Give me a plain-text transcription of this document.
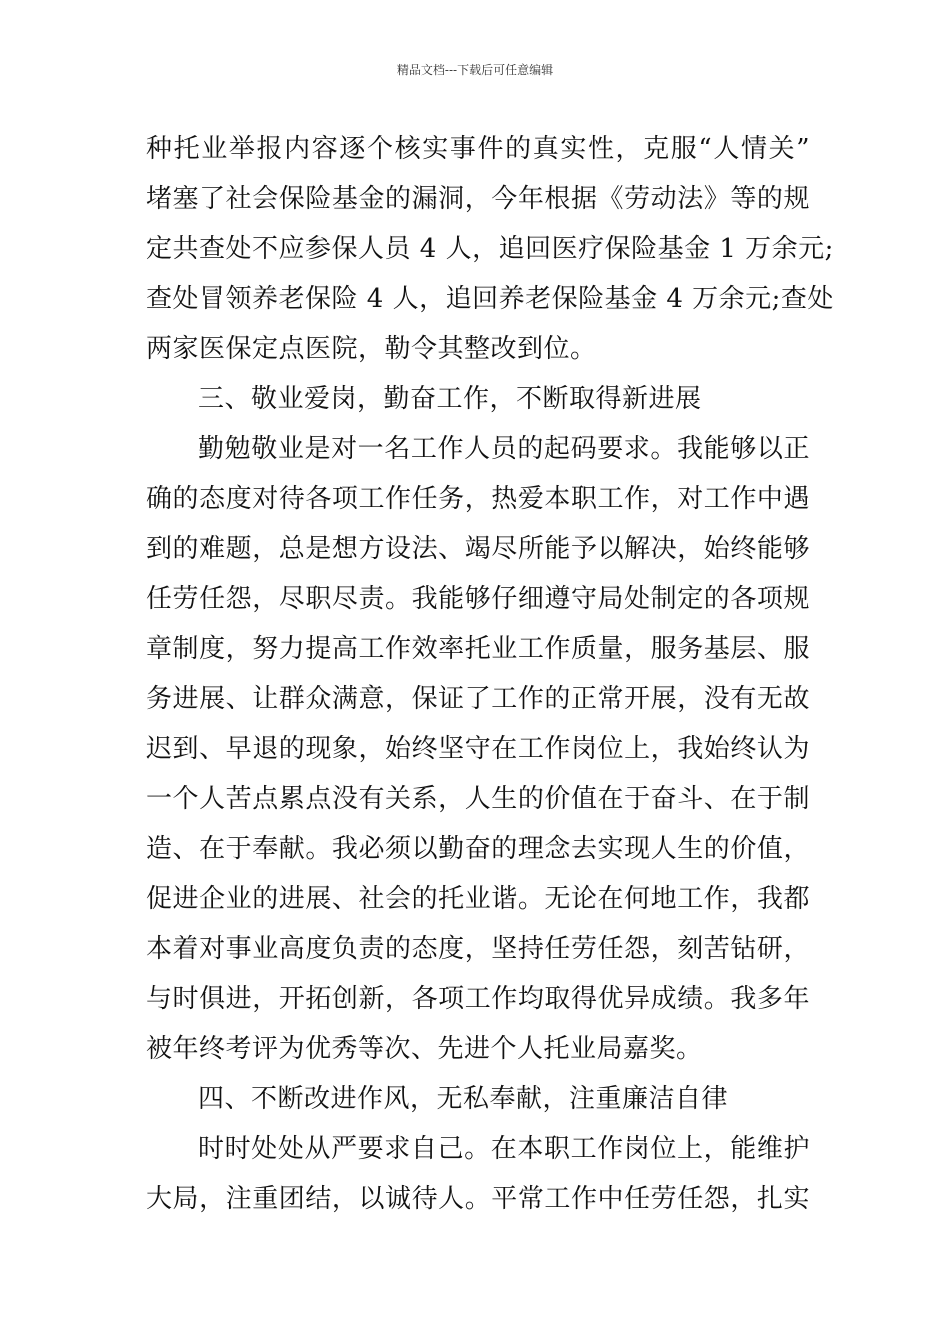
精品文档---下载后可任意编辑
种托业举报内容逐个核实事件的真实性，克服“人情关”
堵塞了社会保险基金的漏洞，今年根据《劳动法》等的规
定共查处不应参保人员 4 人，追回医疗保险基金 1 万余元;
查处冒领养老保险 4 人，追回养老保险基金 4 万余元;查处
两家医保定点医院，勒令其整改到位。
三、敬业爱岗，勤奋工作，不断取得新进展
勤勉敬业是对一名工作人员的起码要求。我能够以正
确的态度对待各项工作任务，热爱本职工作，对工作中遇
到的难题，总是想方设法、竭尽所能予以解决，始终能够
任劳任怨，尽职尽责。我能够仔细遵守局处制定的各项规
章制度，努力提高工作效率托业工作质量，服务基层、服
务进展、让群众满意，保证了工作的正常开展，没有无故
迟到、早退的现象，始终坚守在工作岗位上，我始终认为
一个人苦点累点没有关系，人生的价值在于奋斗、在于制
造、在于奉献。我必须以勤奋的理念去实现人生的价值，
促进企业的进展、社会的托业谐。无论在何地工作，我都
本着对事业高度负责的态度，坚持任劳任怨，刻苦钻研，
与时俱进，开拓创新，各项工作均取得优异成绩。我多年
被年终考评为优秀等次、先进个人托业局嘉奖。
四、不断改进作风，无私奉献，注重廉洁自律
时时处处从严要求自己。在本职工作岗位上，能维护
大局，注重团结，以诚待人。平常工作中任劳任怨，扎实
